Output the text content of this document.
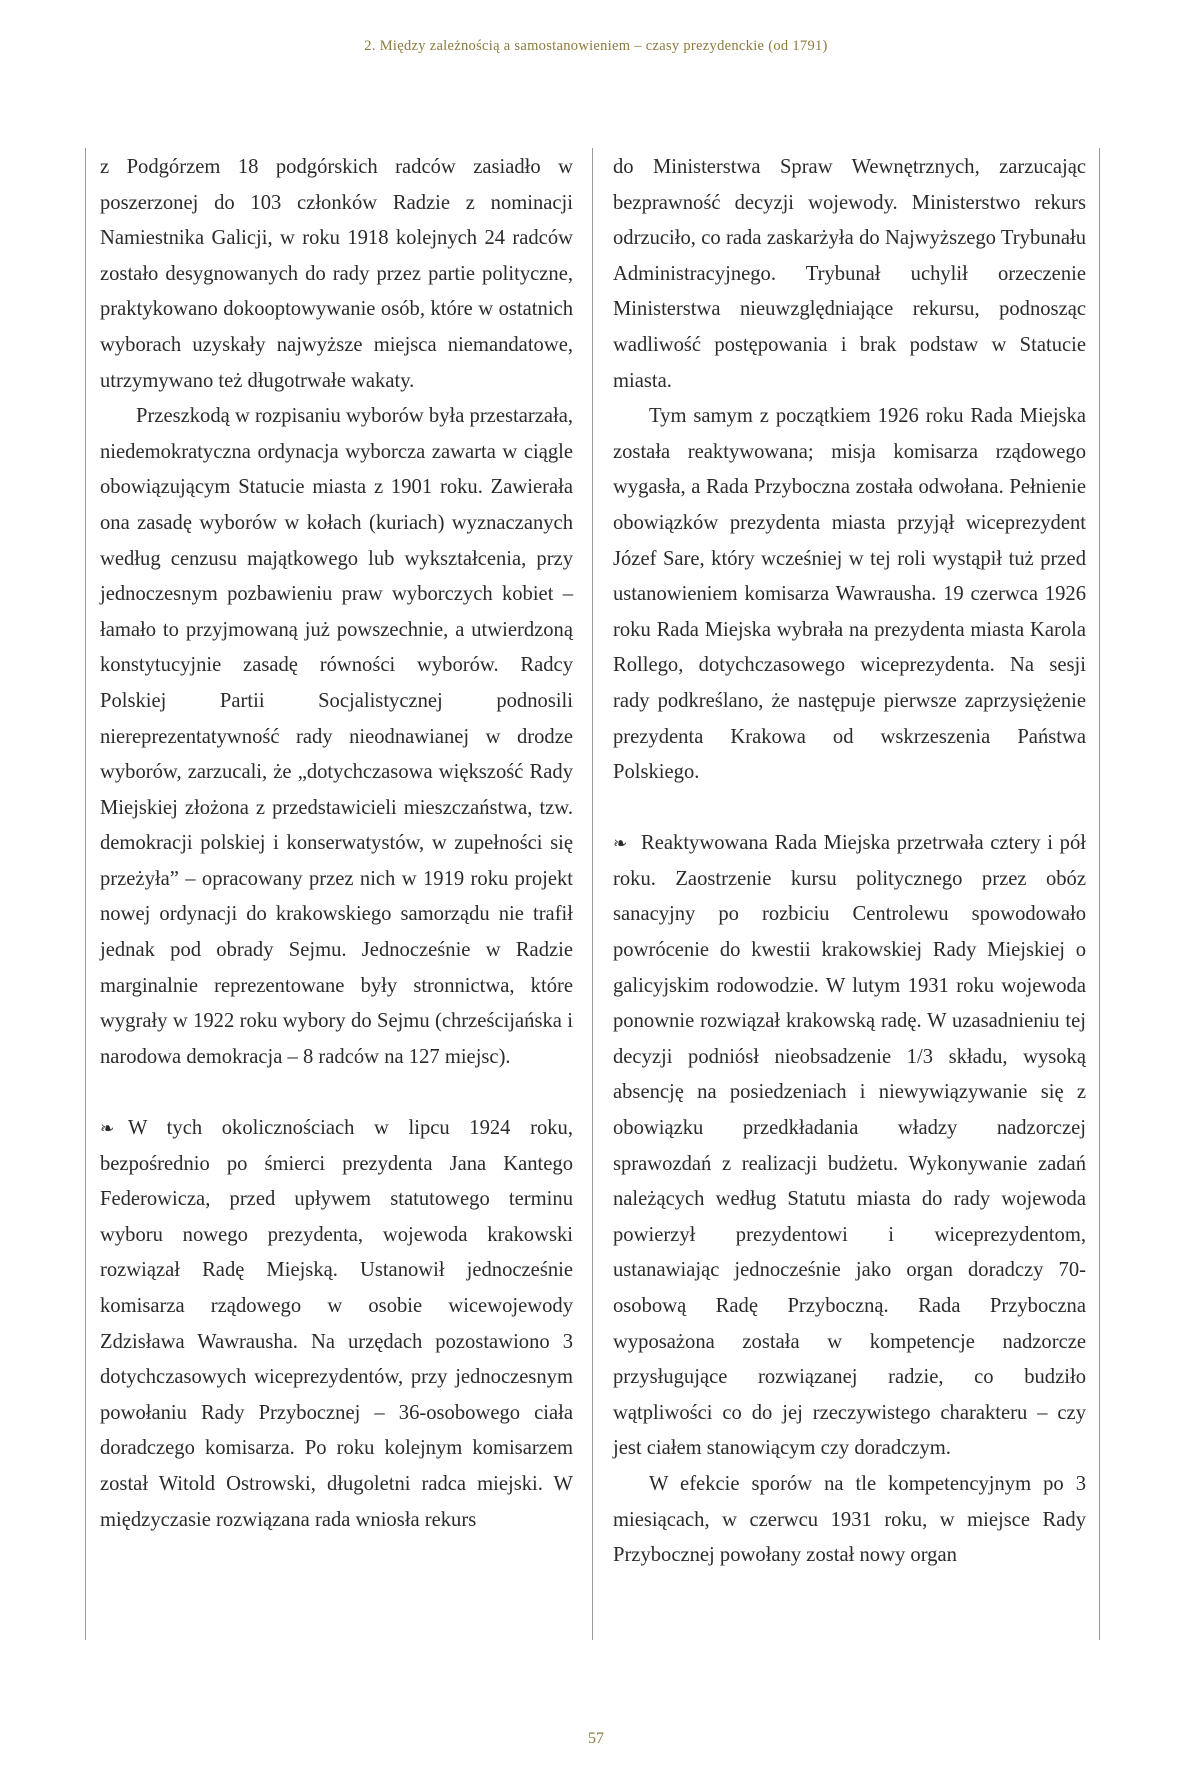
2. Między zależnością a samostanowieniem – czasy prezydenckie (od 1791)

z Podgórzem 18 podgórskich radców zasiadło w poszerzonej do 103 członków Radzie z nominacji Namiestnika Galicji, w roku 1918 kolejnych 24 radców zostało desygnowanych do rady przez partie polityczne, praktykowano dokooptowywanie osób, które w ostatnich wyborach uzyskały najwyższe miejsca niemandatowe, utrzymywano też długotrwałe wakaty.

Przeszkodą w rozpisaniu wyborów była przestarzała, niedemokratyczna ordynacja wyborcza zawarta w ciągle obowiązującym Statucie miasta z 1901 roku. Zawierała ona zasadę wyborów w kołach (kuriach) wyznaczanych według cenzusu majątkowego lub wykształcenia, przy jednoczesnym pozbawieniu praw wyborczych kobiet – łamało to przyjmowaną już powszechnie, a utwierdzoną konstytucyjnie zasadę równości wyborów. Radcy Polskiej Partii Socjalistycznej podnosili niereprezentatywność rady nieodnawianej w drodze wyborów, zarzucali, że „dotychczasowa większość Rady Miejskiej złożona z przedstawicieli mieszczaństwa, tzw. demokracji polskiej i konserwatystów, w zupełności się przeżyła” – opracowany przez nich w 1919 roku projekt nowej ordynacji do krakowskiego samorządu nie trafił jednak pod obrady Sejmu. Jednocześnie w Radzie marginalnie reprezentowane były stronnictwa, które wygrały w 1922 roku wybory do Sejmu (chrześcijańska i narodowa demokracja – 8 radców na 127 miejsc).

❧ W tych okolicznościach w lipcu 1924 roku, bezpośrednio po śmierci prezydenta Jana Kantego Federowicza, przed upływem statutowego terminu wyboru nowego prezydenta, wojewoda krakowski rozwiązał Radę Miejską. Ustanowił jednocześnie komisarza rządowego w osobie wicewojewody Zdzisława Wawrausha. Na urzędach pozostawiono 3 dotychczasowych wiceprezydentów, przy jednoczesnym powołaniu Rady Przybocznej – 36-osobowego ciała doradczego komisarza. Po roku kolejnym komisarzem został Witold Ostrowski, długoletni radca miejski. W międzyczasie rozwiązana rada wniosła rekurs

do Ministerstwa Spraw Wewnętrznych, zarzucając bezprawność decyzji wojewody. Ministerstwo rekurs odrzuciło, co rada zaskarżyła do Najwyższego Trybunału Administracyjnego. Trybunał uchylił orzeczenie Ministerstwa nieuwzględniające rekursu, podnosząc wadliwość postępowania i brak podstaw w Statucie miasta.

Tym samym z początkiem 1926 roku Rada Miejska została reaktywowana; misja komisarza rządowego wygasła, a Rada Przyboczna została odwołana. Pełnienie obowiązków prezydenta miasta przyjął wiceprezydent Józef Sare, który wcześniej w tej roli wystąpił tuż przed ustanowieniem komisarza Wawrausha. 19 czerwca 1926 roku Rada Miejska wybrała na prezydenta miasta Karola Rollego, dotychczasowego wiceprezydenta. Na sesji rady podkreślano, że następuje pierwsze zaprzysiężenie prezydenta Krakowa od wskrzeszenia Państwa Polskiego.

❧ Reaktywowana Rada Miejska przetrwała cztery i pół roku. Zaostrzenie kursu politycznego przez obóz sanacyjny po rozbiciu Centrolewu spowodowało powrócenie do kwestii krakowskiej Rady Miejskiej o galicyjskim rodowodzie. W lutym 1931 roku wojewoda ponownie rozwiązał krakowską radę. W uzasadnieniu tej decyzji podniósł nieobsadzenie 1/3 składu, wysoką absencję na posiedzeniach i niewywiązywanie się z obowiązku przedkładania władzy nadzorczej sprawozdań z realizacji budżetu. Wykonywanie zadań należących według Statutu miasta do rady wojewoda powierzył prezydentowi i wiceprezydentom, ustanawiając jednocześnie jako organ doradczy 70-osobową Radę Przyboczną. Rada Przyboczna wyposażona została w kompetencje nadzorcze przysługujące rozwiązanej radzie, co budziło wątpliwości co do jej rzeczywistego charakteru – czy jest ciałem stanowiącym czy doradczym.

W efekcie sporów na tle kompetencyjnym po 3 miesiącach, w czerwcu 1931 roku, w miejsce Rady Przybocznej powołany został nowy organ

57
